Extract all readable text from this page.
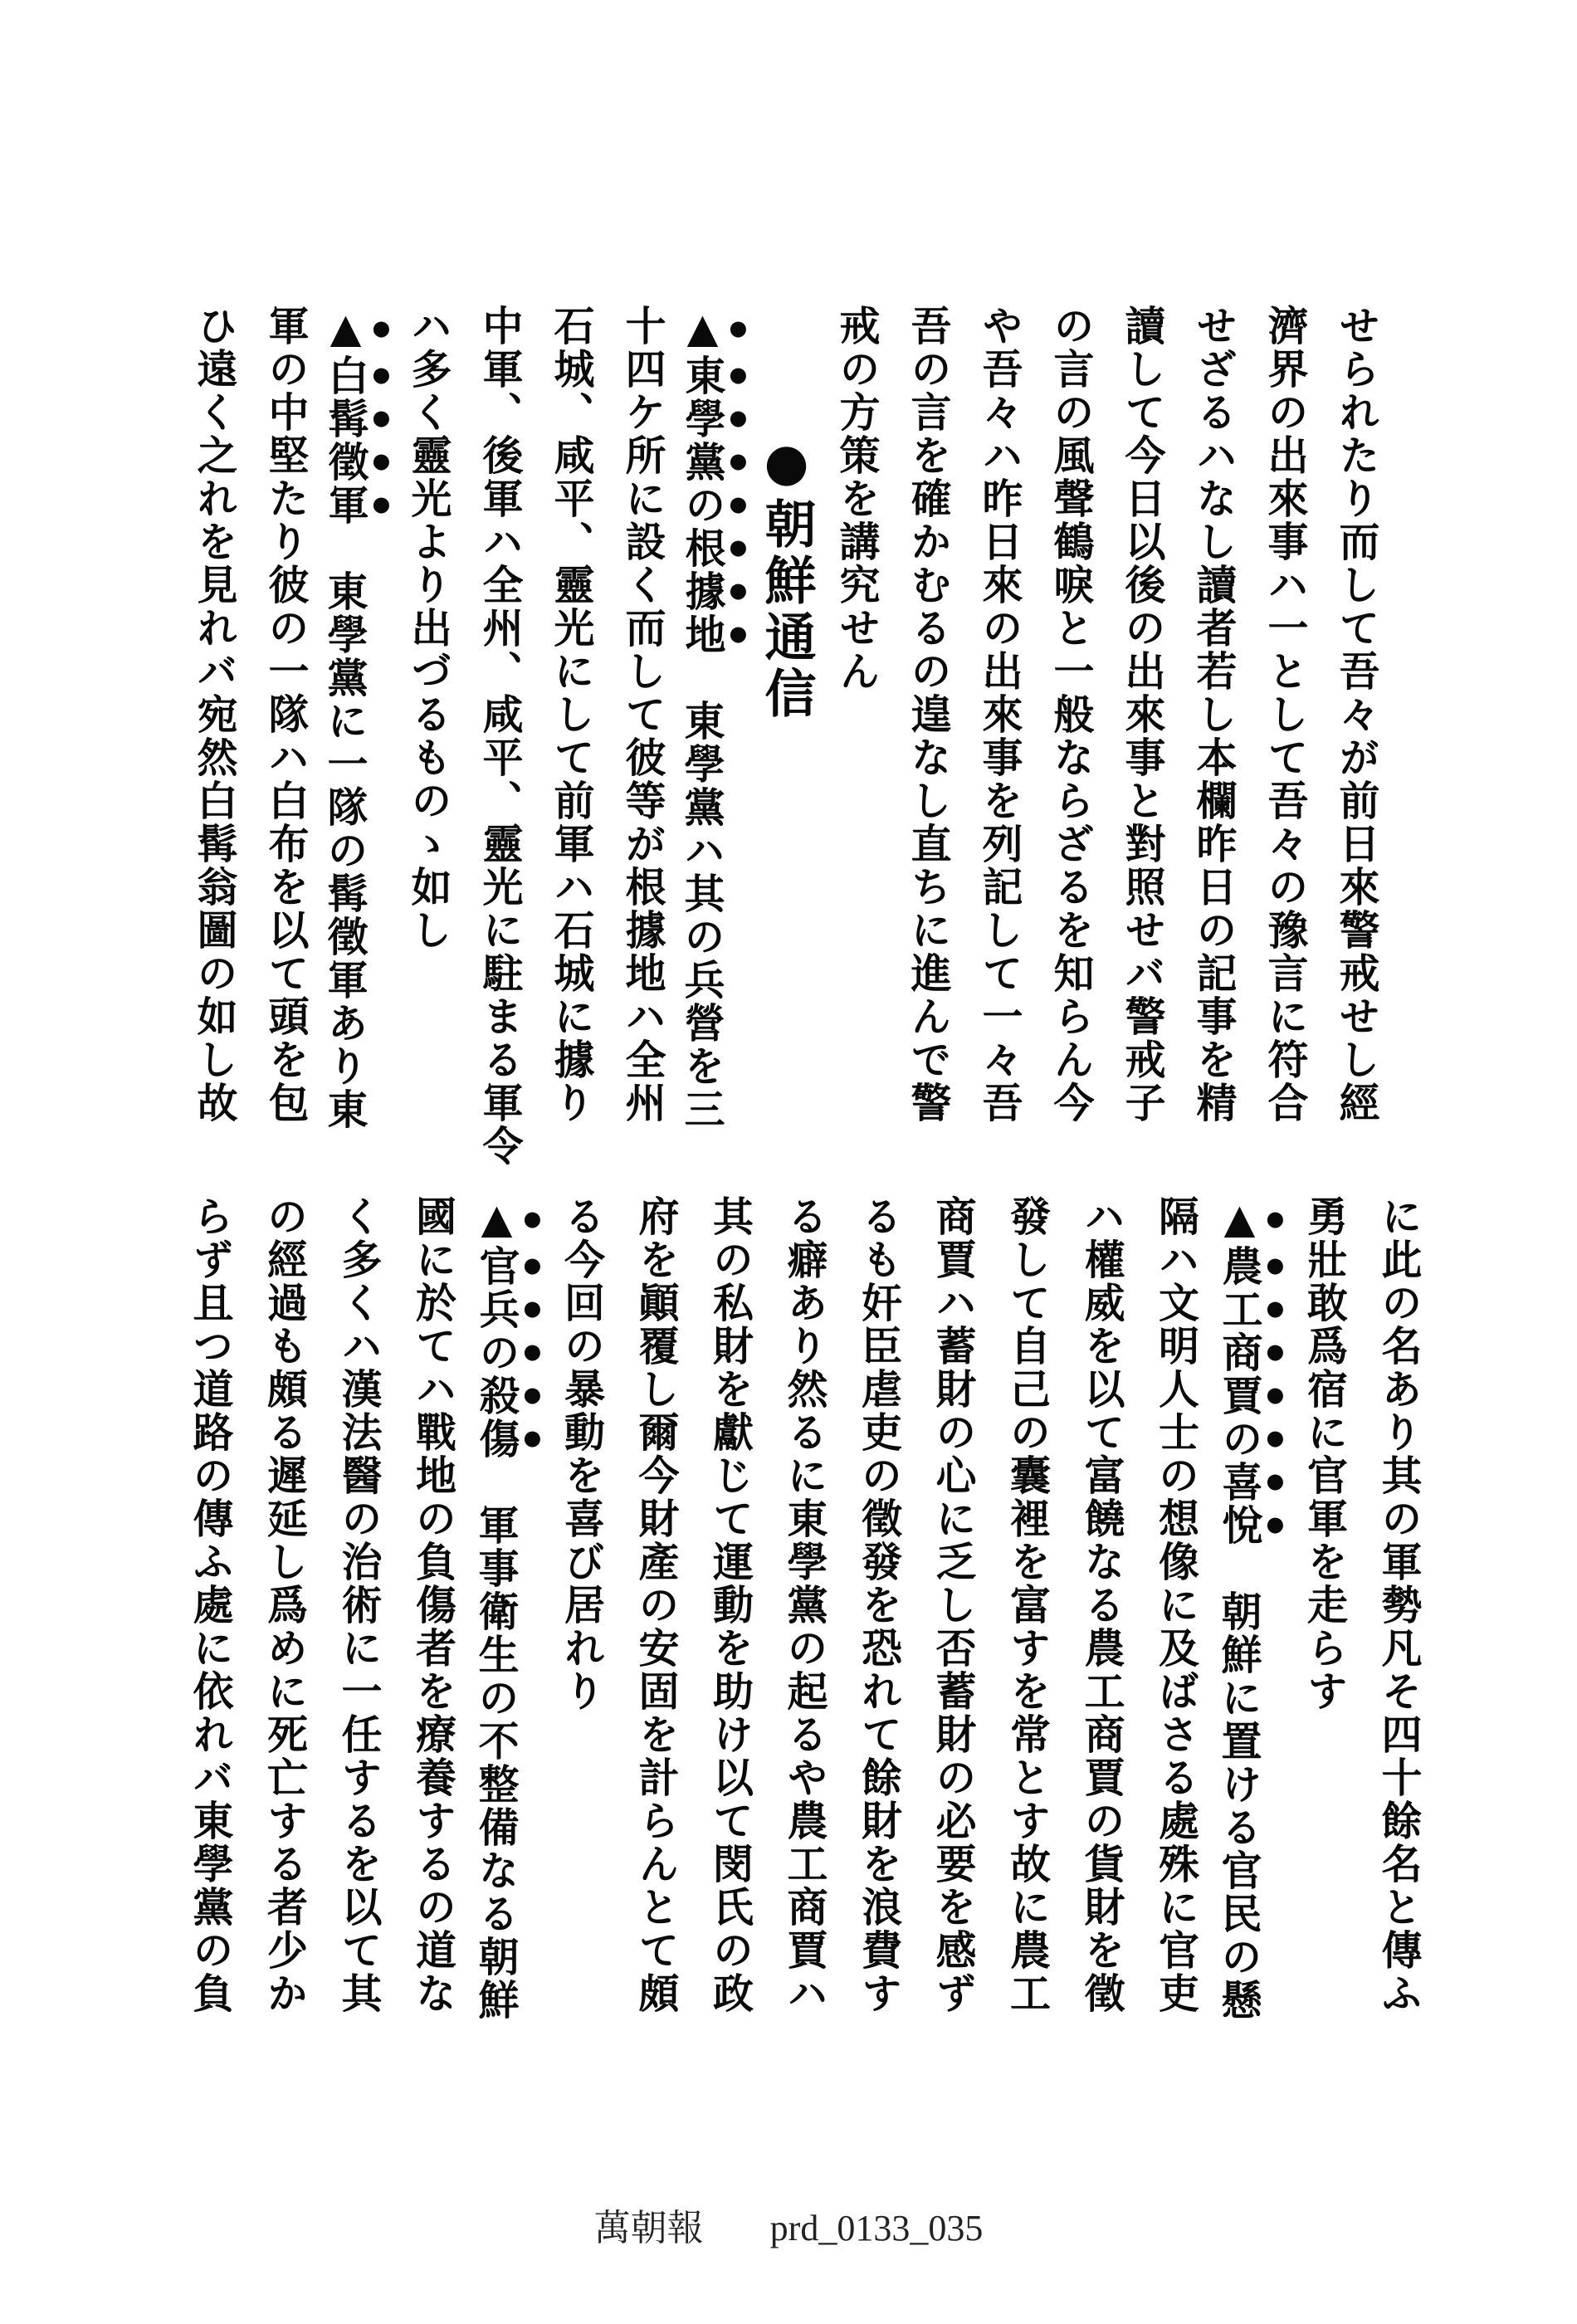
せられたり而して吾々が前日來警戒せし經
濟界の出來事ハ一として吾々の豫言に符合
せざるハなし讀者若し本欄昨日の記事を精
讀して今日以後の出來事と對照せバ警戒子
の言の風聲鶴唳と一般ならざるを知らん今
や吾々ハ昨日來の出來事を列記して一々吾
吾の言を確かむるの遑なし直ちに進んで警
戒の方策を講究せん
●朝鮮通信
▲東學黨の根據地東學黨ハ其の兵營を三
十四ケ所に設く而して彼等が根據地ハ全州
石城、咸平、靈光にして前軍ハ石城に據り
中軍、後軍ハ全州、咸平、靈光に駐まる軍令
ハ多く靈光より出づるものゝ如し
▲白髯徵軍東學黨に一隊の髯徵軍あり東
軍の中堅たり彼の一隊ハ白布を以て頭を包
ひ遠く之れを見れバ宛然白髯翁圖の如し故
に此の名あり其の軍勢凡そ四十餘名と傳ふ
勇壯敢爲宿に官軍を走らす
▲農工商賈の喜悅朝鮮に置ける官民の懸
隔ハ文明人士の想像に及ばさる處殊に官吏
ハ權威を以て富饒なる農工商賈の貨財を徵
發して自己の囊裡を富すを常とす故に農工
商賈ハ蓄財の心に乏し否蓄財の必要を感ず
るも奸臣虐吏の徵發を恐れて餘財を浪費す
る癖あり然るに東學黨の起るや農工商賈ハ
其の私財を獻じて運動を助け以て閔氏の政
府を顚覆し爾今財產の安固を計らんとて頗
る今回の暴動を喜び居れり
▲官兵の殺傷軍事衛生の不整備なる朝鮮
國に於てハ戰地の負傷者を療養するの道な
く多くハ漢法醫の治術に一任するを以て其
の經過も頗る遲延し爲めに死亡する者少か
らず且つ道路の傳ふ處に依れバ東學黨の負
萬朝報 prd_0133_035
